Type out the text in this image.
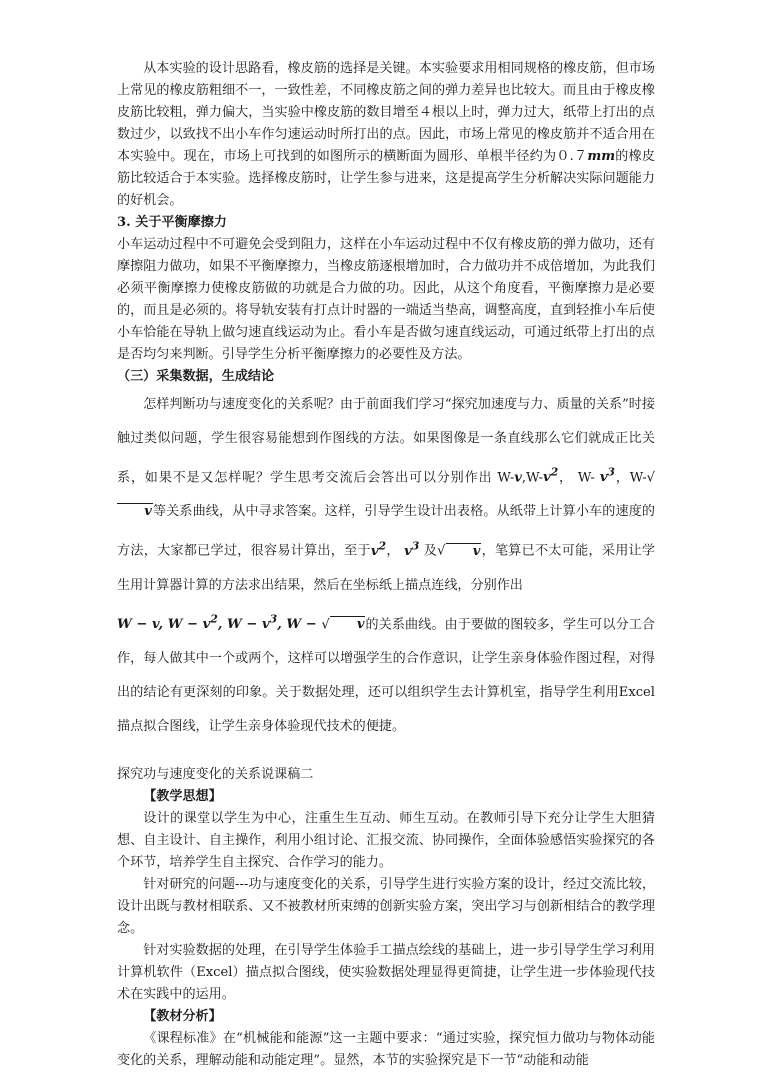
从本实验的设计思路看，橡皮筋的选择是关键。本实验要求用相同规格的橡皮筋，但市场上常见的橡皮筋粗细不一，一致性差，不同橡皮筋之间的弹力差异也比较大。而且由于橡皮橡皮筋比较粗，弹力偏大，当实验中橡皮筋的数目增至４根以上时，弹力过大，纸带上打出的点数过少，以致找不出小车作匀速运动时所打出的点。因此，市场上常见的橡皮筋并不适合用在本实验中。现在，市场上可找到的如图所示的横断面为圆形、单根半径约为０.７mm的橡皮筋比较适合于本实验。选择橡皮筋时，让学生参与进来，这是提高学生分析解决实际问题能力的好机会。

3. 关于平衡摩擦力

小车运动过程中不可避免会受到阻力，这样在小车运动过程中不仅有橡皮筋的弹力做功，还有摩擦阻力做功，如果不平衡摩擦力，当橡皮筋逐根增加时，合力做功并不成倍增加，为此我们必须平衡摩擦力使橡皮筋做的功就是合力做的功。因此，从这个角度看，平衡摩擦力是必要的，而且是必须的。将导轨安装有打点计时器的一端适当垫高，调整高度，直到轻推小车后使小车恰能在导轨上做匀速直线运动为止。看小车是否做匀速直线运动，可通过纸带上打出的点是否均匀来判断。引导学生分析平衡摩擦力的必要性及方法。

（三）采集数据，生成结论

怎样判断功与速度变化的关系呢？由于前面我们学习“探究加速度与力、质量的关系”时接触过类似问题，学生很容易能想到作图线的方法。如果图像是一条直线那么它们就成正比关系，如果不是又怎样呢？学生思考交流后会答出可以分别作出 $W-v,W-v^2$， W- $v^3$，W-√v等关系曲线，从中寻求答案。这样，引导学生设计出表格。从纸带上计算小车的速度的方法，大家都已学过，很容易计算出，至于$v^2$， $v^3$ 及√ v，笔算已不太可能，采用让学生用计算器计算的方法求出结果，然后在坐标纸上描点连线，分别作出
W − v, $W - v^2$, $W - v^3$, W − √ v的关系曲线。由于要做的图较多，学生可以分工合作，每人做其中一个或两个，这样可以增强学生的合作意识，让学生亲身体验作图过程，对得出的结论有更深刻的印象。关于数据处理，还可以组织学生去计算机室，指导学生利用Excel描点拟合图线，让学生亲身体验现代技术的便捷。

探究功与速度变化的关系说课稿二

【教学思想】

设计的课堂以学生为中心，注重生生互动、师生互动。在教师引导下充分让学生大胆猜想、自主设计、自主操作，利用小组讨论、汇报交流、协同操作，全面体验感悟实验探究的各个环节，培养学生自主探究、合作学习的能力。

针对研究的问题---功与速度变化的关系，引导学生进行实验方案的设计，经过交流比较，设计出既与教材相联系、又不被教材所束缚的创新实验方案，突出学习与创新相结合的教学理念。

针对实验数据的处理，在引导学生体验手工描点绘线的基础上，进一步引导学生学习利用计算机软件（Excel）描点拟合图线，使实验数据处理显得更简捷，让学生进一步体验现代技术在实践中的运用。

【教材分析】

《课程标准》在“机械能和能源”这一主题中要求：“通过实验，探究恒力做功与物体动能变化的关系，理解动能和动能定理”。显然，本节的实验探究是下一节“动能和动能
